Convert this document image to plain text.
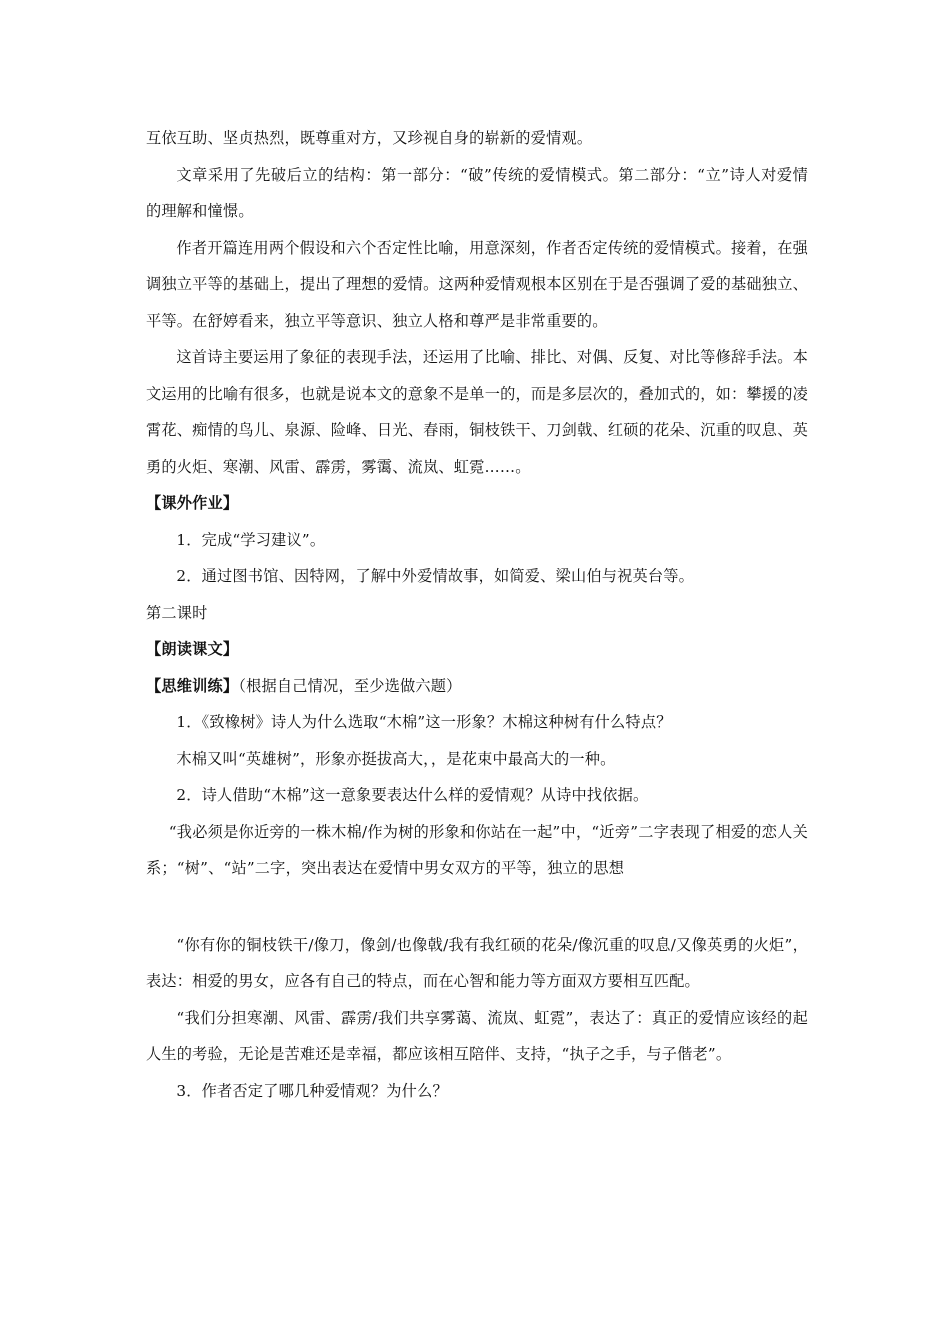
互依互助、坚贞热烈，既尊重对方，又珍视自身的崭新的爱情观。

文章采用了先破后立的结构：第一部分：“破”传统的爱情模式。第二部分：“立”诗人对爱情的理解和憧憬。

作者开篇连用两个假设和六个否定性比喻，用意深刻，作者否定传统的爱情模式。接着，在强调独立平等的基础上，提出了理想的爱情。这两种爱情观根本区别在于是否强调了爱的基础独立、平等。在舒婷看来，独立平等意识、独立人格和尊严是非常重要的。

这首诗主要运用了象征的表现手法，还运用了比喻、排比、对偶、反复、对比等修辞手法。本文运用的比喻有很多，也就是说本文的意象不是单一的，而是多层次的，叠加式的，如：攀援的凌霄花、痴情的鸟儿、泉源、险峰、日光、春雨，铜枝铁干、刀剑戟、红硕的花朵、沉重的叹息、英勇的火炬、寒潮、风雷、霹雳，雾霭、流岚、虹霓……。

【课外作业】

1．完成“学习建议”。

2．通过图书馆、因特网，了解中外爱情故事，如简爱、梁山伯与祝英台等。

第二课时

【朗读课文】

【思维训练】（根据自己情况，至少选做六题）

1．《致橡树》诗人为什么选取“木棉”这一形象？木棉这种树有什么特点？

木棉又叫“英雄树”，形象亦挺拔高大，，是花束中最高大的一种。

2．诗人借助“木棉”这一意象要表达什么样的爱情观？从诗中找依据。

“我必须是你近旁的一株木棉/作为树的形象和你站在一起”中，“近旁”二字表现了相爱的恋人关系；“树”、“站”二字，突出表达在爱情中男女双方的平等，独立的思想

“你有你的铜枝铁干/像刀，像剑/也像戟/我有我红硕的花朵/像沉重的叹息/又像英勇的火炬”，表达：相爱的男女，应各有自己的特点，而在心智和能力等方面双方要相互匹配。

“我们分担寒潮、风雷、霹雳/我们共享雾蔼、流岚、虹霓”，表达了：真正的爱情应该经的起人生的考验，无论是苦难还是幸福，都应该相互陪伴、支持，“执子之手，与子偕老”。

3．作者否定了哪几种爱情观？为什么？
